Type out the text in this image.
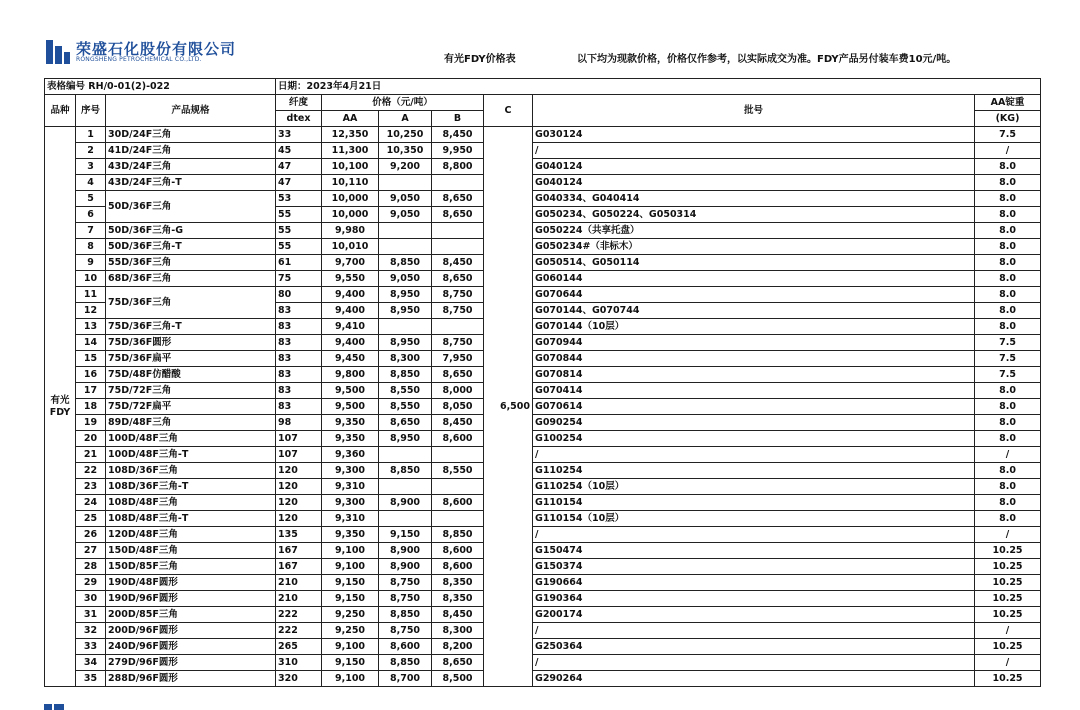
荣盛石化股份有限公司
RONGSHENG PETROCHEMICAL CO.,LTD.	有光FDY价格表	以下均为现款价格，价格仅作参考，以实际成交为准。FDY产品另付装车费10元/吨。
表格编号 RH/0-01(2)-022			日期：2023年4月21日						
品种	序号	产品规格	纤度	价格（元/吨）			C	批号	AA锭重
			dtex	AA	A	B			(KG)

有光
FDY	1	30D/24F三角	33	12,350	10,250	8,450	6,500	G030124	7.5
	2	41D/24F三角	45	11,300	10,350	9,950		/	/
	3	43D/24F三角	47	10,100	9,200	8,800		G040124	8.0
	4	43D/24F三角-T	47	10,110				G040124	8.0
	5	50D/36F三角	53	10,000	9,050	8,650		G040334、G040414	8.0
	6		55	10,000	9,050	8,650		G050234、G050224、G050314	8.0
	7	50D/36F三角-G	55	9,980				G050224（共享托盘）	8.0
	8	50D/36F三角-T	55	10,010				G050234#（非标木）	8.0
	9	55D/36F三角	61	9,700	8,850	8,450		G050514、G050114	8.0
	10	68D/36F三角	75	9,550	9,050	8,650		G060144	8.0
	11	75D/36F三角	80	9,400	8,950	8,750		G070644	8.0
	12		83	9,400	8,950	8,750		G070144、G070744	8.0
	13	75D/36F三角-T	83	9,410				G070144（10层）	8.0
	14	75D/36F圆形	83	9,400	8,950	8,750		G070944	7.5
	15	75D/36F扁平	83	9,450	8,300	7,950		G070844	7.5
	16	75D/48F仿醋酸	83	9,800	8,850	8,650		G070814	7.5
	17	75D/72F三角	83	9,500	8,550	8,000		G070414	8.0
	18	75D/72F扁平	83	9,500	8,550	8,050		G070614	8.0
	19	89D/48F三角	98	9,350	8,650	8,450		G090254	8.0
	20	100D/48F三角	107	9,350	8,950	8,600		G100254	8.0
	21	100D/48F三角-T	107	9,360				/	/
	22	108D/36F三角	120	9,300	8,850	8,550		G110254	8.0
	23	108D/36F三角-T	120	9,310				G110254（10层）	8.0
	24	108D/48F三角	120	9,300	8,900	8,600		G110154	8.0
	25	108D/48F三角-T	120	9,310				G110154（10层）	8.0
	26	120D/48F三角	135	9,350	9,150	8,850		/	/
	27	150D/48F三角	167	9,100	8,900	8,600		G150474	10.25
	28	150D/85F三角	167	9,100	8,900	8,600		G150374	10.25
	29	190D/48F圆形	210	9,150	8,750	8,350		G190664	10.25
	30	190D/96F圆形	210	9,150	8,750	8,350		G190364	10.25
	31	200D/85F三角	222	9,250	8,850	8,450		G200174	10.25
	32	200D/96F圆形	222	9,250	8,750	8,300		/	/
	33	240D/96F圆形	265	9,100	8,600	8,200		G250364	10.25
	34	279D/96F圆形	310	9,150	8,850	8,650		/	/
	35	288D/96F圆形	320	9,100	8,700	8,500		G290264	10.25
